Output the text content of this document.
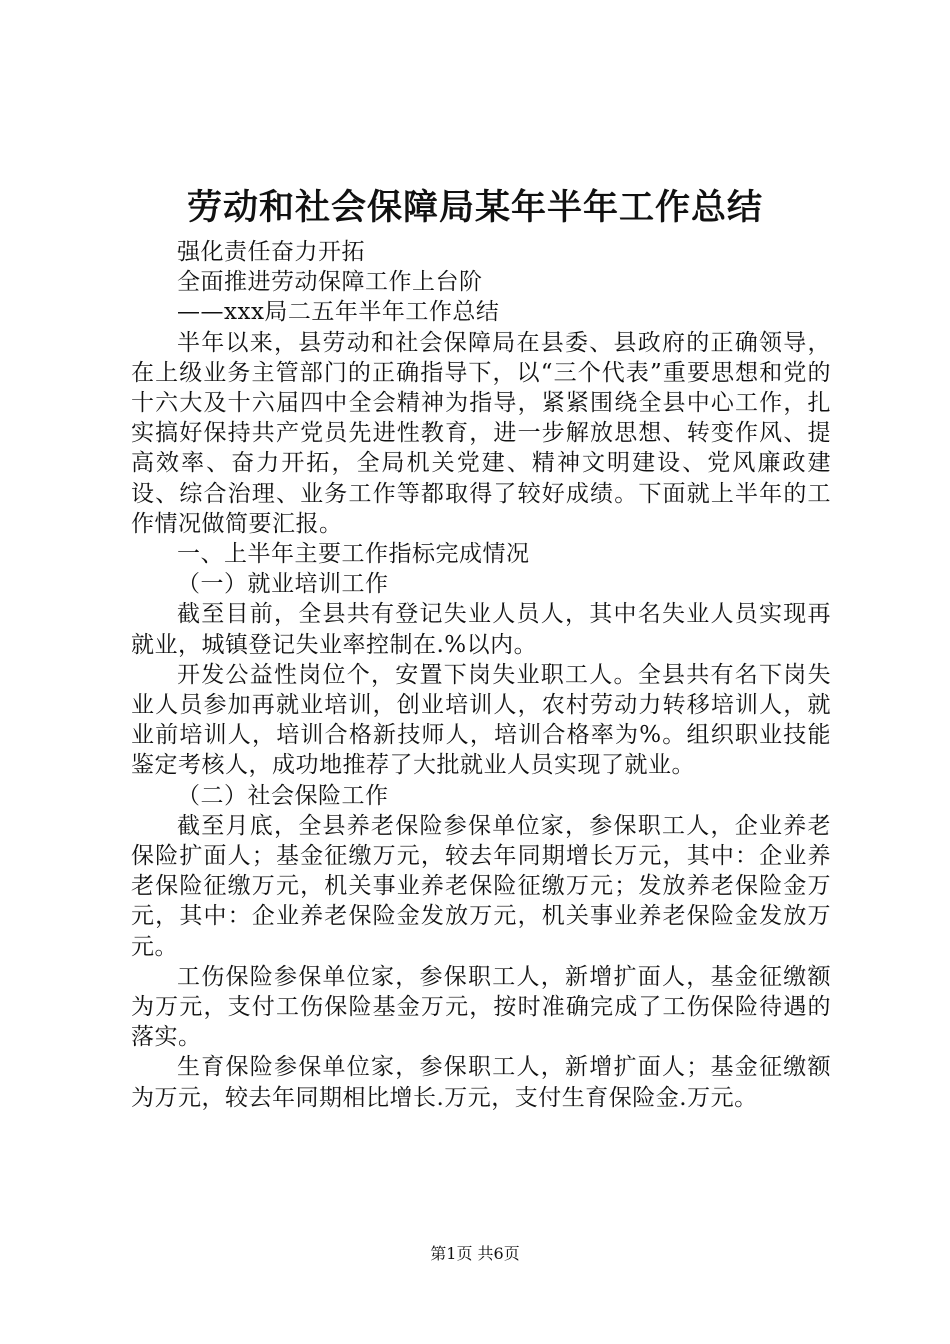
劳动和社会保障局某年半年工作总结

强化责任奋力开拓

全面推进劳动保障工作上台阶

——xxx局二五年半年工作总结

半年以来，县劳动和社会保障局在县委、县政府的正确领导，在上级业务主管部门的正确指导下，以“三个代表”重要思想和党的十六大及十六届四中全会精神为指导，紧紧围绕全县中心工作，扎实搞好保持共产党员先进性教育，进一步解放思想、转变作风、提高效率、奋力开拓，全局机关党建、精神文明建设、党风廉政建设、综合治理、业务工作等都取得了较好成绩。下面就上半年的工作情况做简要汇报。

一、上半年主要工作指标完成情况

（一）就业培训工作

截至目前，全县共有登记失业人员人，其中名失业人员实现再就业，城镇登记失业率控制在.%以内。

开发公益性岗位个，安置下岗失业职工人。全县共有名下岗失业人员参加再就业培训，创业培训人，农村劳动力转移培训人，就业前培训人，培训合格新技师人，培训合格率为%。组织职业技能鉴定考核人，成功地推荐了大批就业人员实现了就业。

（二）社会保险工作

截至月底，全县养老保险参保单位家，参保职工人，企业养老保险扩面人；基金征缴万元，较去年同期增长万元，其中：企业养老保险征缴万元，机关事业养老保险征缴万元；发放养老保险金万元，其中：企业养老保险金发放万元，机关事业养老保险金发放万元。

工伤保险参保单位家，参保职工人，新增扩面人，基金征缴额为万元，支付工伤保险基金万元，按时准确完成了工伤保险待遇的落实。

生育保险参保单位家，参保职工人，新增扩面人；基金征缴额为万元，较去年同期相比增长.万元，支付生育保险金.万元。

第1页 共6页
